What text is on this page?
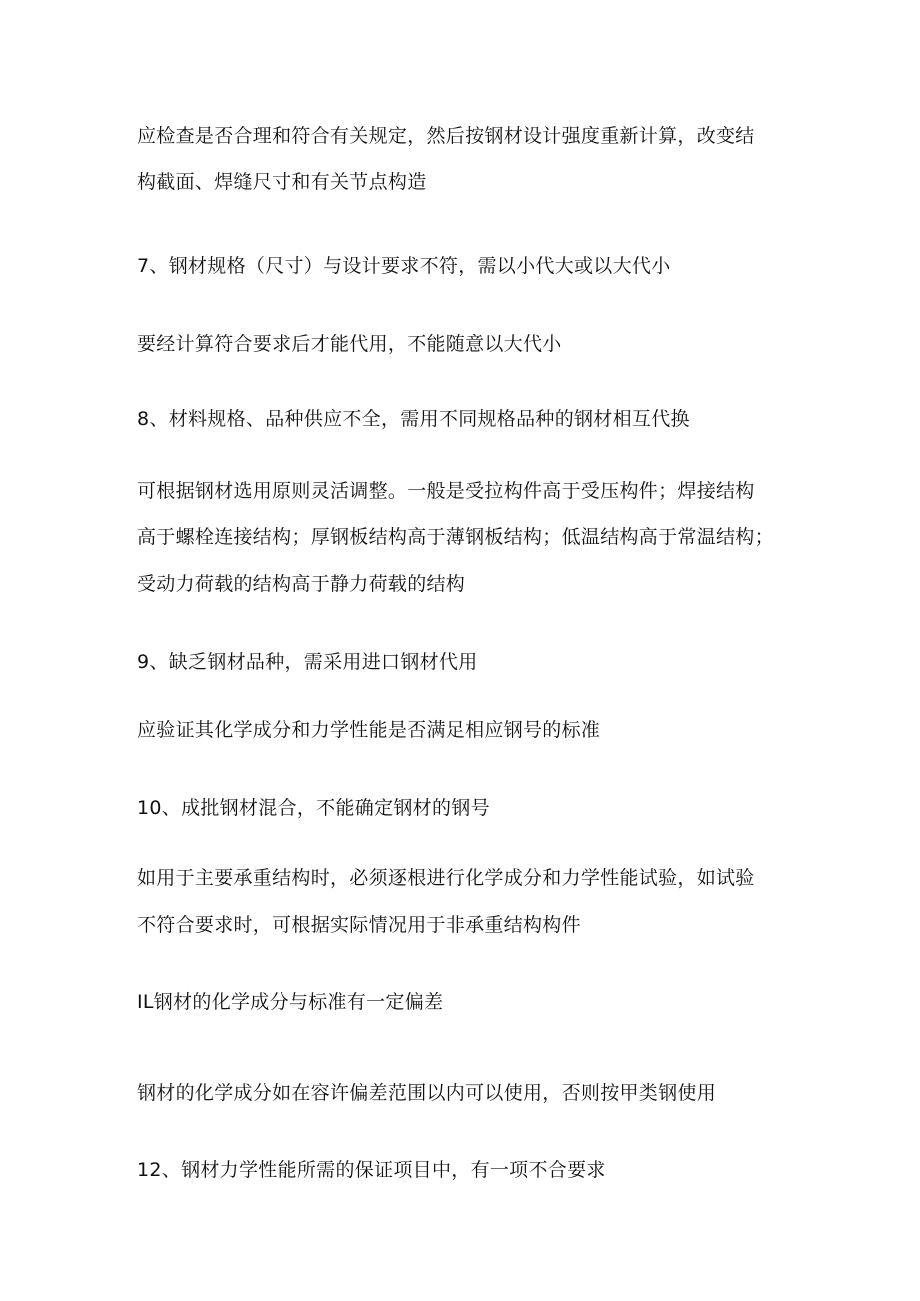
应检查是否合理和符合有关规定，然后按钢材设计强度重新计算，改变结
构截面、焊缝尺寸和有关节点构造
7、钢材规格（尺寸）与设计要求不符，需以小代大或以大代小
要经计算符合要求后才能代用，不能随意以大代小
8、材料规格、品种供应不全，需用不同规格品种的钢材相互代换
可根据钢材选用原则灵活调整。一般是受拉构件高于受压构件；焊接结构
高于螺栓连接结构；厚钢板结构高于薄钢板结构；低温结构高于常温结构；
受动力荷载的结构高于静力荷载的结构
9、缺乏钢材品种，需采用进口钢材代用
应验证其化学成分和力学性能是否满足相应钢号的标准
10、成批钢材混合，不能确定钢材的钢号
如用于主要承重结构时，必须逐根进行化学成分和力学性能试验，如试验
不符合要求时，可根据实际情况用于非承重结构构件
IL钢材的化学成分与标准有一定偏差
钢材的化学成分如在容许偏差范围以内可以使用，否则按甲类钢使用
12、钢材力学性能所需的保证项目中，有一项不合要求
